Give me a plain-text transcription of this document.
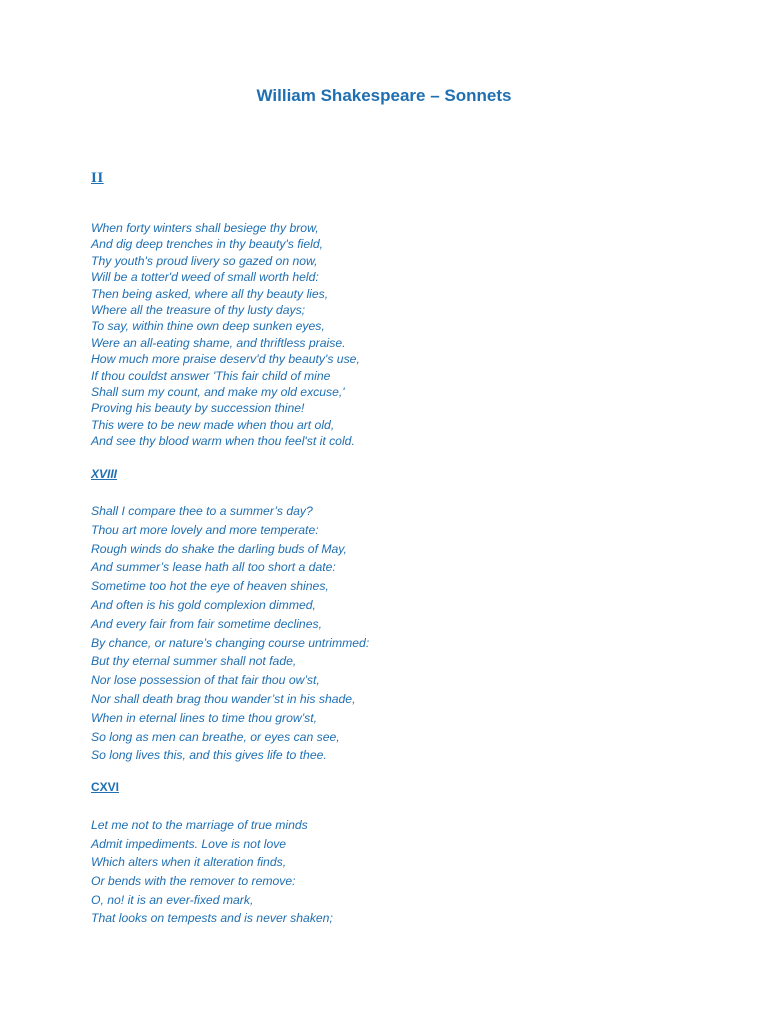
William Shakespeare – Sonnets
II
When forty winters shall besiege thy brow,
And dig deep trenches in thy beauty's field,
Thy youth's proud livery so gazed on now,
Will be a totter'd weed of small worth held:
Then being asked, where all thy beauty lies,
Where all the treasure of thy lusty days;
To say, within thine own deep sunken eyes,
Were an all-eating shame, and thriftless praise.
How much more praise deserv'd thy beauty's use,
If thou couldst answer 'This fair child of mine
Shall sum my count, and make my old excuse,'
Proving his beauty by succession thine!
This were to be new made when thou art old,
And see thy blood warm when thou feel'st it cold.
XVIII
Shall I compare thee to a summer’s day?
Thou art more lovely and more temperate:
Rough winds do shake the darling buds of May,
And summer’s lease hath all too short a date:
Sometime too hot the eye of heaven shines,
And often is his gold complexion dimmed,
And every fair from fair sometime declines,
By chance, or nature’s changing course untrimmed:
But thy eternal summer shall not fade,
Nor lose possession of that fair thou ow’st,
Nor shall death brag thou wander’st in his shade,
When in eternal lines to time thou grow’st,
So long as men can breathe, or eyes can see,
So long lives this, and this gives life to thee.
CXVI
Let me not to the marriage of true minds
Admit impediments. Love is not love
Which alters when it alteration finds,
Or bends with the remover to remove:
O, no! it is an ever-fixed mark,
That looks on tempests and is never shaken;
